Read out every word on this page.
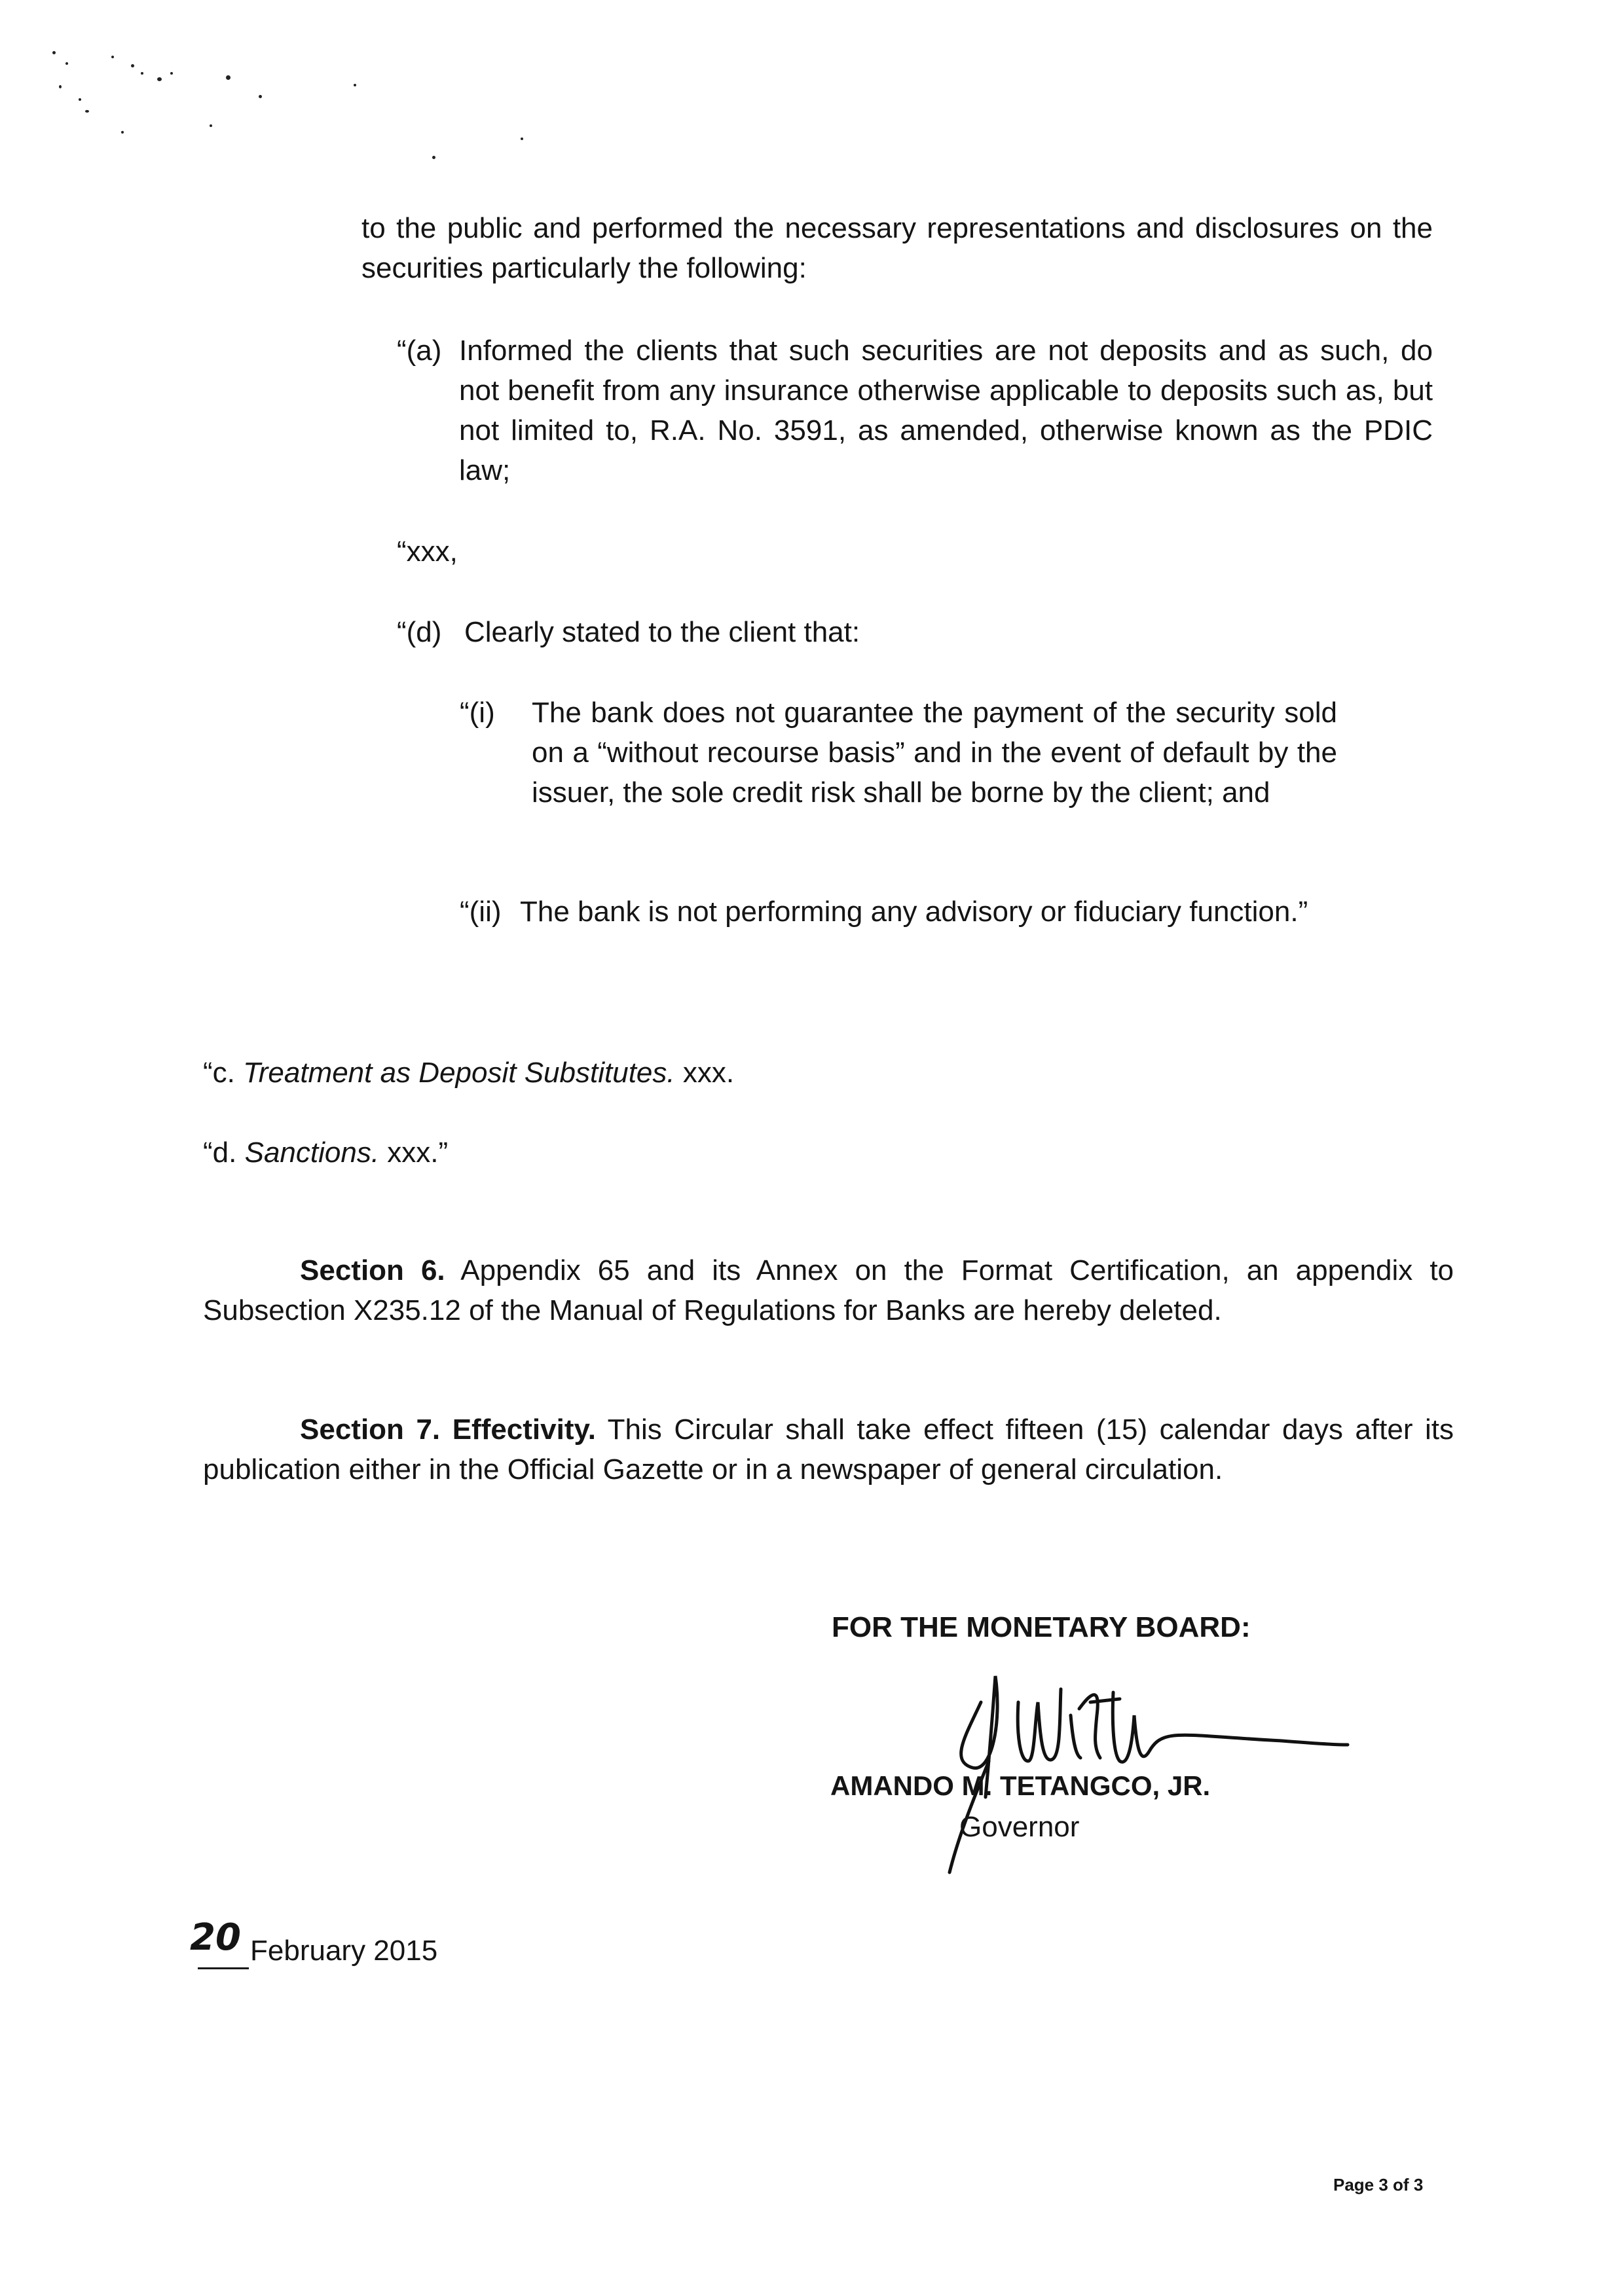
to the public and performed the necessary representations and disclosures on the securities particularly the following:
“(a) Informed the clients that such securities are not deposits and as such, do not benefit from any insurance otherwise applicable to deposits such as, but not limited to, R.A. No. 3591, as amended, otherwise known as the PDIC law;
“xxx,
“(d) Clearly stated to the client that:
“(i)	The bank does not guarantee the payment of the security sold on a “without recourse basis” and in the event of default by the issuer, the sole credit risk shall be borne by the client; and
“(ii) The bank is not performing any advisory or fiduciary function.”
“c. Treatment as Deposit Substitutes. xxx.
“d. Sanctions. xxx.”
Section 6. Appendix 65 and its Annex on the Format Certification, an appendix to Subsection X235.12 of the Manual of Regulations for Banks are hereby deleted.
Section 7. Effectivity. This Circular shall take effect fifteen (15) calendar days after its publication either in the Official Gazette or in a newspaper of general circulation.
FOR THE MONETARY BOARD:
AMANDO M. TETANGCO, JR.
Governor
20 February 2015
Page 3 of 3
